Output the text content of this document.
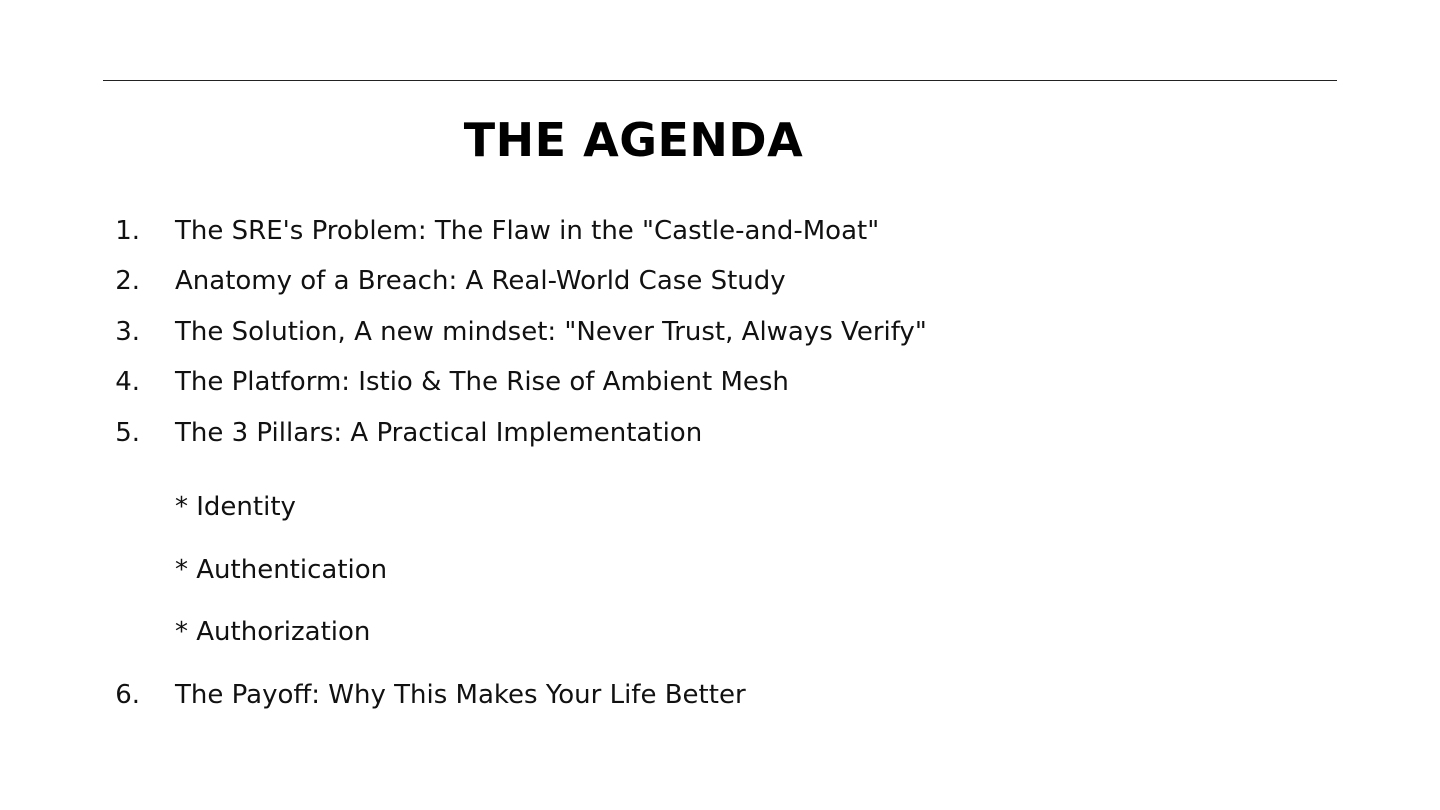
THE AGENDA
1. The SRE's Problem: The Flaw in the "Castle-and-Moat"
2. Anatomy of a Breach: A Real-World Case Study
3. The Solution, A new mindset: "Never Trust, Always Verify"
4. The Platform: Istio & The Rise of Ambient Mesh
5. The 3 Pillars: A Practical Implementation
* Identity
* Authentication
* Authorization
6. The Payoff: Why This Makes Your Life Better
